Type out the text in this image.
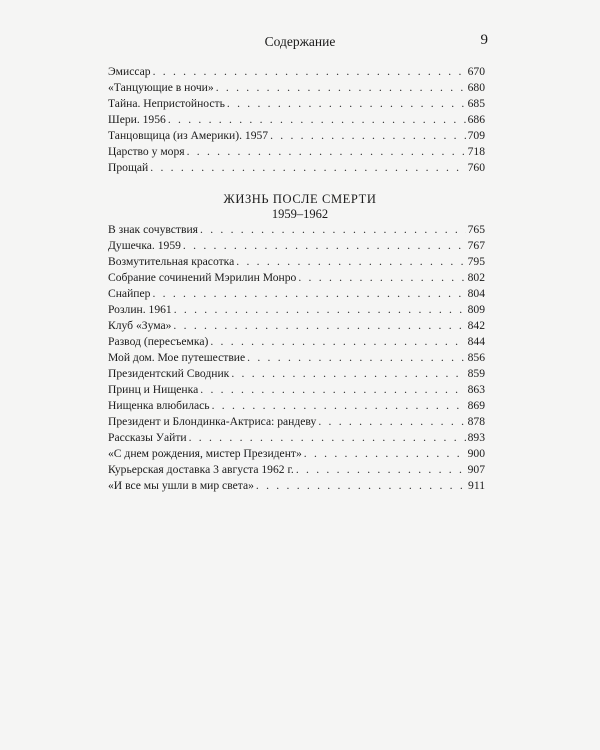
Содержание	9
Эмиссар . . .	670
«Танцующие в ночи» . . .	680
Тайна. Непристойность . . .	685
Шери. 1956 . . .	686
Танцовщица (из Америки). 1957 . . .	709
Царство у моря . . .	718
Прощай . . .	760
ЖИЗНЬ ПОСЛЕ СМЕРТИ
1959–1962
В знак сочувствия . . .	765
Душечка. 1959 . . .	767
Возмутительная красотка . . .	795
Собрание сочинений Мэрилин Монро . . .	802
Снайпер . . .	804
Розлин. 1961 . . .	809
Клуб «Зума» . . .	842
Развод (пересъемка) . . .	844
Мой дом. Мое путешествие . . .	856
Президентский Сводник . . .	859
Принц и Нищенка . . .	863
Нищенка влюбилась . . .	869
Президент и Блондинка-Актриса: рандеву . . .	878
Рассказы Уайти . . .	893
«С днем рождения, мистер Президент» . . .	900
Курьерская доставка 3 августа 1962 г. . . .	907
«И все мы ушли в мир света» . . .	911
